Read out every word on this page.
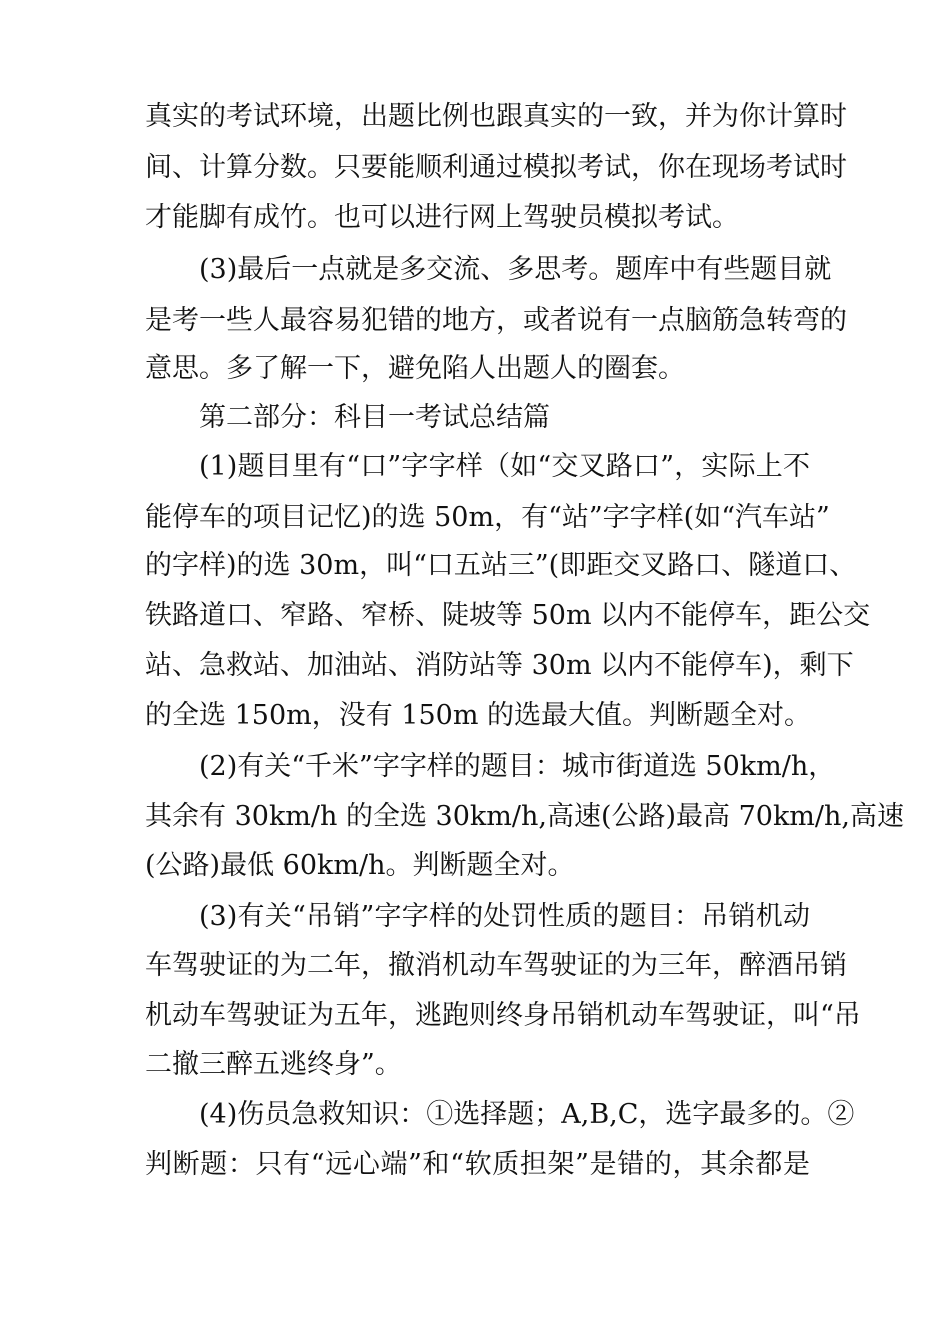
真实的考试环境，出题比例也跟真实的一致，并为你计算时
间、计算分数。只要能顺利通过模拟考试，你在现场考试时
才能脚有成竹。也可以进行网上驾驶员模拟考试。
(3)最后一点就是多交流、多思考。题库中有些题目就
是考一些人最容易犯错的地方，或者说有一点脑筋急转弯的
意思。多了解一下，避免陷人出题人的圈套。
第二部分：科目一考试总结篇
(1)题目里有“口”字字样（如“交叉路口”，实际上不
能停车的项目记忆)的选 50m，有“站”字字样(如“汽车站”
的字样)的选 30m，叫“口五站三”(即距交叉路口、隧道口、
铁路道口、窄路、窄桥、陡坡等 50m 以内不能停车，距公交
站、急救站、加油站、消防站等 30m 以内不能停车)，剩下
的全选 150m，没有 150m 的选最大值。判断题全对。
(2)有关“千米”字字样的题目：城市街道选 50km/h，
其余有 30km/h 的全选 30km/h,高速(公路)最高 70km/h,高速
(公路)最低 60km/h。判断题全对。
(3)有关“吊销”字字样的处罚性质的题目：吊销机动
车驾驶证的为二年，撤消机动车驾驶证的为三年，醉酒吊销
机动车驾驶证为五年，逃跑则终身吊销机动车驾驶证，叫“吊
二撤三醉五逃终身”。
(4)伤员急救知识：①选择题；A,B,C，选字最多的。②
判断题：只有“远心端”和“软质担架”是错的，其余都是
